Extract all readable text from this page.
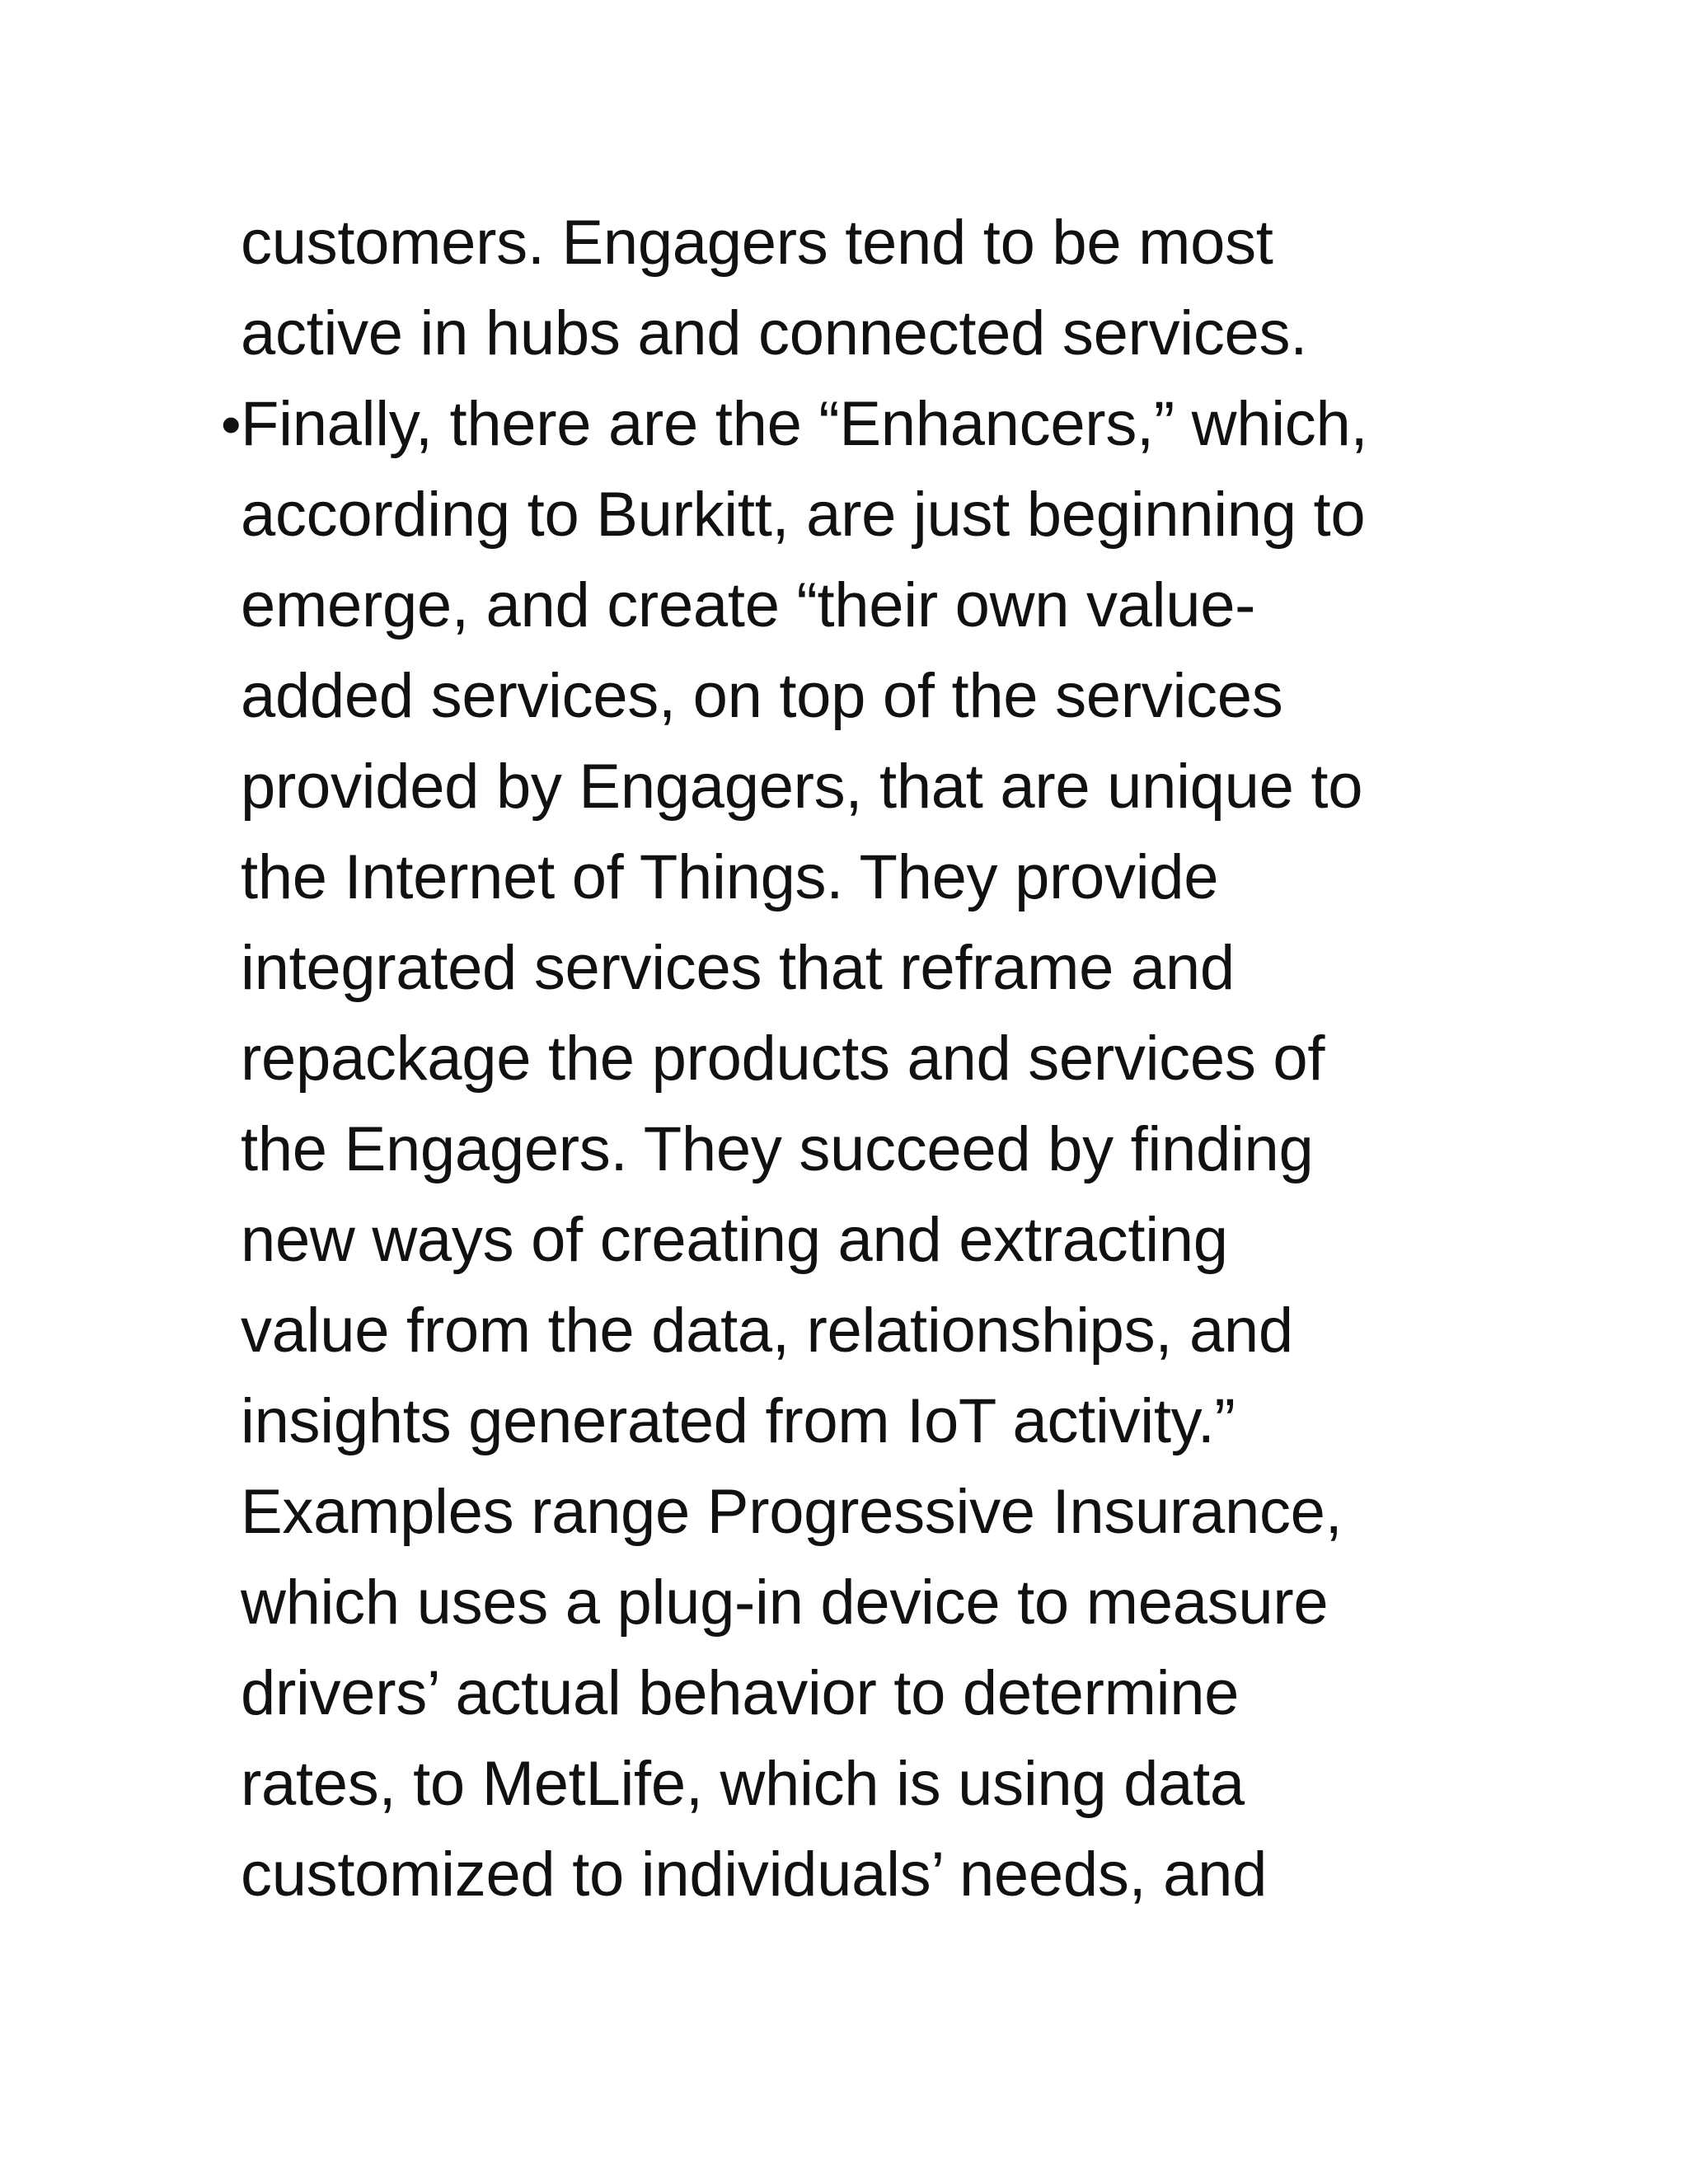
customers. Engagers tend to be most
active in hubs and connected services.
• Finally, there are the “Enhancers,” which,
according to Burkitt, are just beginning to
emerge, and create “their own value-
added services, on top of the services
provided by Engagers, that are unique to
the Internet of Things. They provide
integrated services that reframe and
repackage the products and services of
the Engagers. They succeed by finding
new ways of creating and extracting
value from the data, relationships, and
insights generated from IoT activity.”
Examples range Progressive Insurance,
which uses a plug-in device to measure
drivers’ actual behavior to determine
rates, to MetLife, which is using data
customized to individuals’ needs, and
